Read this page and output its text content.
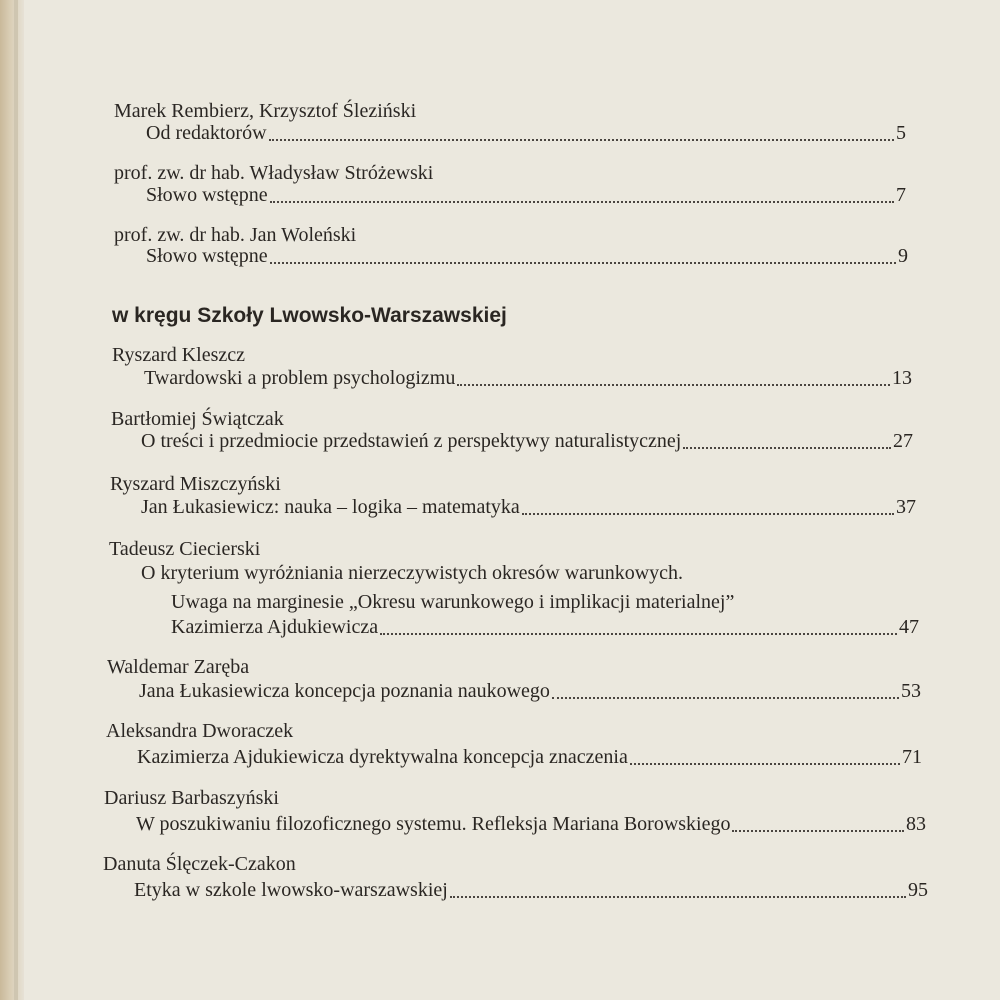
Marek Rembierz, Krzysztof Śleziński
Od redaktorów	5
prof. zw. dr hab. Władysław Stróżewski
Słowo wstępne	7
prof. zw. dr hab. Jan Woleński
Słowo wstępne	9
w kręgu Szkoły Lwowsko-Warszawskiej
Ryszard Kleszcz
Twardowski a problem psychologizmu	13
Bartłomiej Świątczak
O treści i przedmiocie przedstawień z perspektywy naturalistycznej	27
Ryszard Miszczyński
Jan Łukasiewicz: nauka – logika – matematyka	37
Tadeusz Ciecierski
O kryterium wyróżniania nierzeczywistych okresów warunkowych.
Uwaga na marginesie „Okresu warunkowego i implikacji materialnej”
Kazimierza Ajdukiewicza	47
Waldemar Zaręba
Jana Łukasiewicza koncepcja poznania naukowego	53
Aleksandra Dworaczek
Kazimierza Ajdukiewicza dyrektywalna koncepcja znaczenia	71
Dariusz Barbaszyński
W poszukiwaniu filozoficznego systemu. Refleksja Mariana Borowskiego	83
Danuta Ślęczek-Czakon
Etyka w szkole lwowsko-warszawskiej	95
